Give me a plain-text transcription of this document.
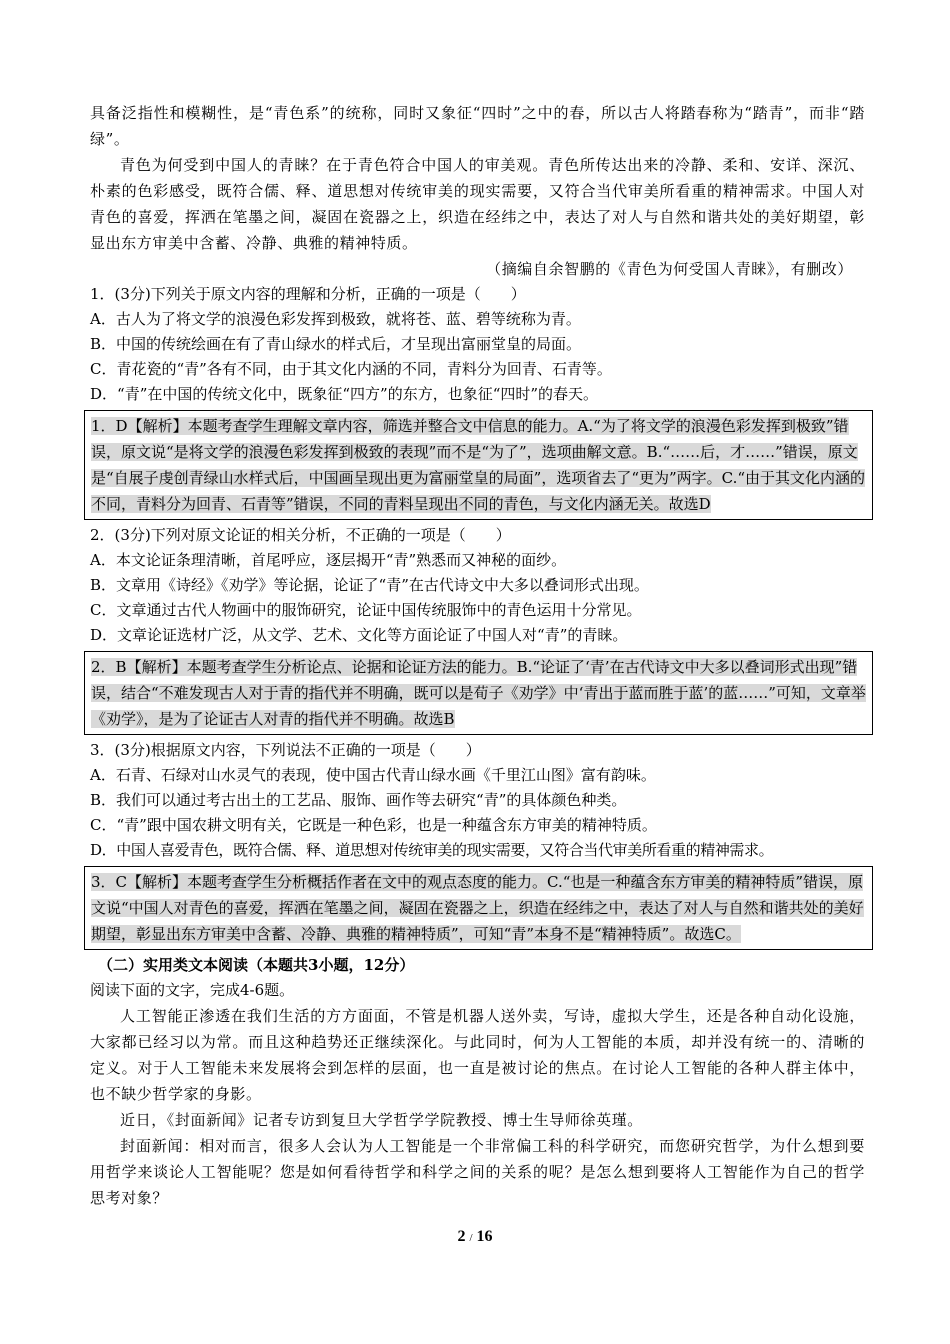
具备泛指性和模糊性，是“青色系”的统称，同时又象征“四时”之中的春，所以古人将踏春称为“踏青”，而非“踏绿”。

青色为何受到中国人的青睐？在于青色符合中国人的审美观。青色所传达出来的冷静、柔和、安详、深沉、朴素的色彩感受，既符合儒、释、道思想对传统审美的现实需要，又符合当代审美所看重的精神需求。中国人对青色的喜爱，挥洒在笔墨之间，凝固在瓷器之上，织造在经纬之中，表达了对人与自然和谐共处的美好期望，彰显出东方审美中含蓄、冷静、典雅的精神特质。

（摘编自余智鹏的《青色为何受国人青睐》，有删改）

1．(3分)下列关于原文内容的理解和分析，正确的一项是（　　）

A．古人为了将文学的浪漫色彩发挥到极致，就将苍、蓝、碧等统称为青。

B．中国的传统绘画在有了青山绿水的样式后，才呈现出富丽堂皇的局面。

C．青花瓷的“青”各有不同，由于其文化内涵的不同，青料分为回青、石青等。

D．“青”在中国的传统文化中，既象征“四方”的东方，也象征“四时”的春天。

1．D【解析】本题考查学生理解文章内容，筛选并整合文中信息的能力。A.“为了将文学的浪漫色彩发挥到极致”错误，原文说“是将文学的浪漫色彩发挥到极致的表现”而不是“为了”，选项曲解文意。B.“……后，才……”错误，原文是“自展子虔创青绿山水样式后，中国画呈现出更为富丽堂皇的局面”，选项省去了“更为”两字。C.“由于其文化内涵的不同，青料分为回青、石青等”错误，不同的青料呈现出不同的青色，与文化内涵无关。故选D

2．(3分)下列对原文论证的相关分析，不正确的一项是（　　）

A．本文论证条理清晰，首尾呼应，逐层揭开“青”熟悉而又神秘的面纱。

B．文章用《诗经》《劝学》等论据，论证了“青”在古代诗文中大多以叠词形式出现。

C．文章通过古代人物画中的服饰研究，论证中国传统服饰中的青色运用十分常见。

D．文章论证选材广泛，从文学、艺术、文化等方面论证了中国人对“青”的青睐。

2．B【解析】本题考查学生分析论点、论据和论证方法的能力。B.“论证了‘青’在古代诗文中大多以叠词形式出现”错误，结合“不难发现古人对于青的指代并不明确，既可以是荀子《劝学》中‘青出于蓝而胜于蓝’的蓝……”可知，文章举《劝学》，是为了论证古人对青的指代并不明确。故选B

3．(3分)根据原文内容，下列说法不正确的一项是（　　）

A．石青、石绿对山水灵气的表现，使中国古代青山绿水画《千里江山图》富有韵味。

B．我们可以通过考古出土的工艺品、服饰、画作等去研究“青”的具体颜色种类。

C．“青”跟中国农耕文明有关，它既是一种色彩，也是一种蕴含东方审美的精神特质。

D．中国人喜爱青色，既符合儒、释、道思想对传统审美的现实需要，又符合当代审美所看重的精神需求。

3．C【解析】本题考查学生分析概括作者在文中的观点态度的能力。C.“也是一种蕴含东方审美的精神特质”错误，原文说“中国人对青色的喜爱，挥洒在笔墨之间，凝固在瓷器之上，织造在经纬之中，表达了对人与自然和谐共处的美好期望，彰显出东方审美中含蓄、冷静、典雅的精神特质”，可知“青”本身不是“精神特质”。故选C。

（二）实用类文本阅读（本题共3小题，12分）

阅读下面的文字，完成4-6题。

人工智能正渗透在我们生活的方方面面，不管是机器人送外卖，写诗，虚拟大学生，还是各种自动化设施，大家都已经习以为常。而且这种趋势还正继续深化。与此同时，何为人工智能的本质，却并没有统一的、清晰的定义。对于人工智能未来发展将会到怎样的层面，也一直是被讨论的焦点。在讨论人工智能的各种人群主体中，也不缺少哲学家的身影。

近日，《封面新闻》记者专访到复旦大学哲学学院教授、博士生导师徐英瑾。

封面新闻：相对而言，很多人会认为人工智能是一个非常偏工科的科学研究，而您研究哲学，为什么想到要用哲学来谈论人工智能呢？您是如何看待哲学和科学之间的关系的呢？是怎么想到要将人工智能作为自己的哲学思考对象？

2 / 16
